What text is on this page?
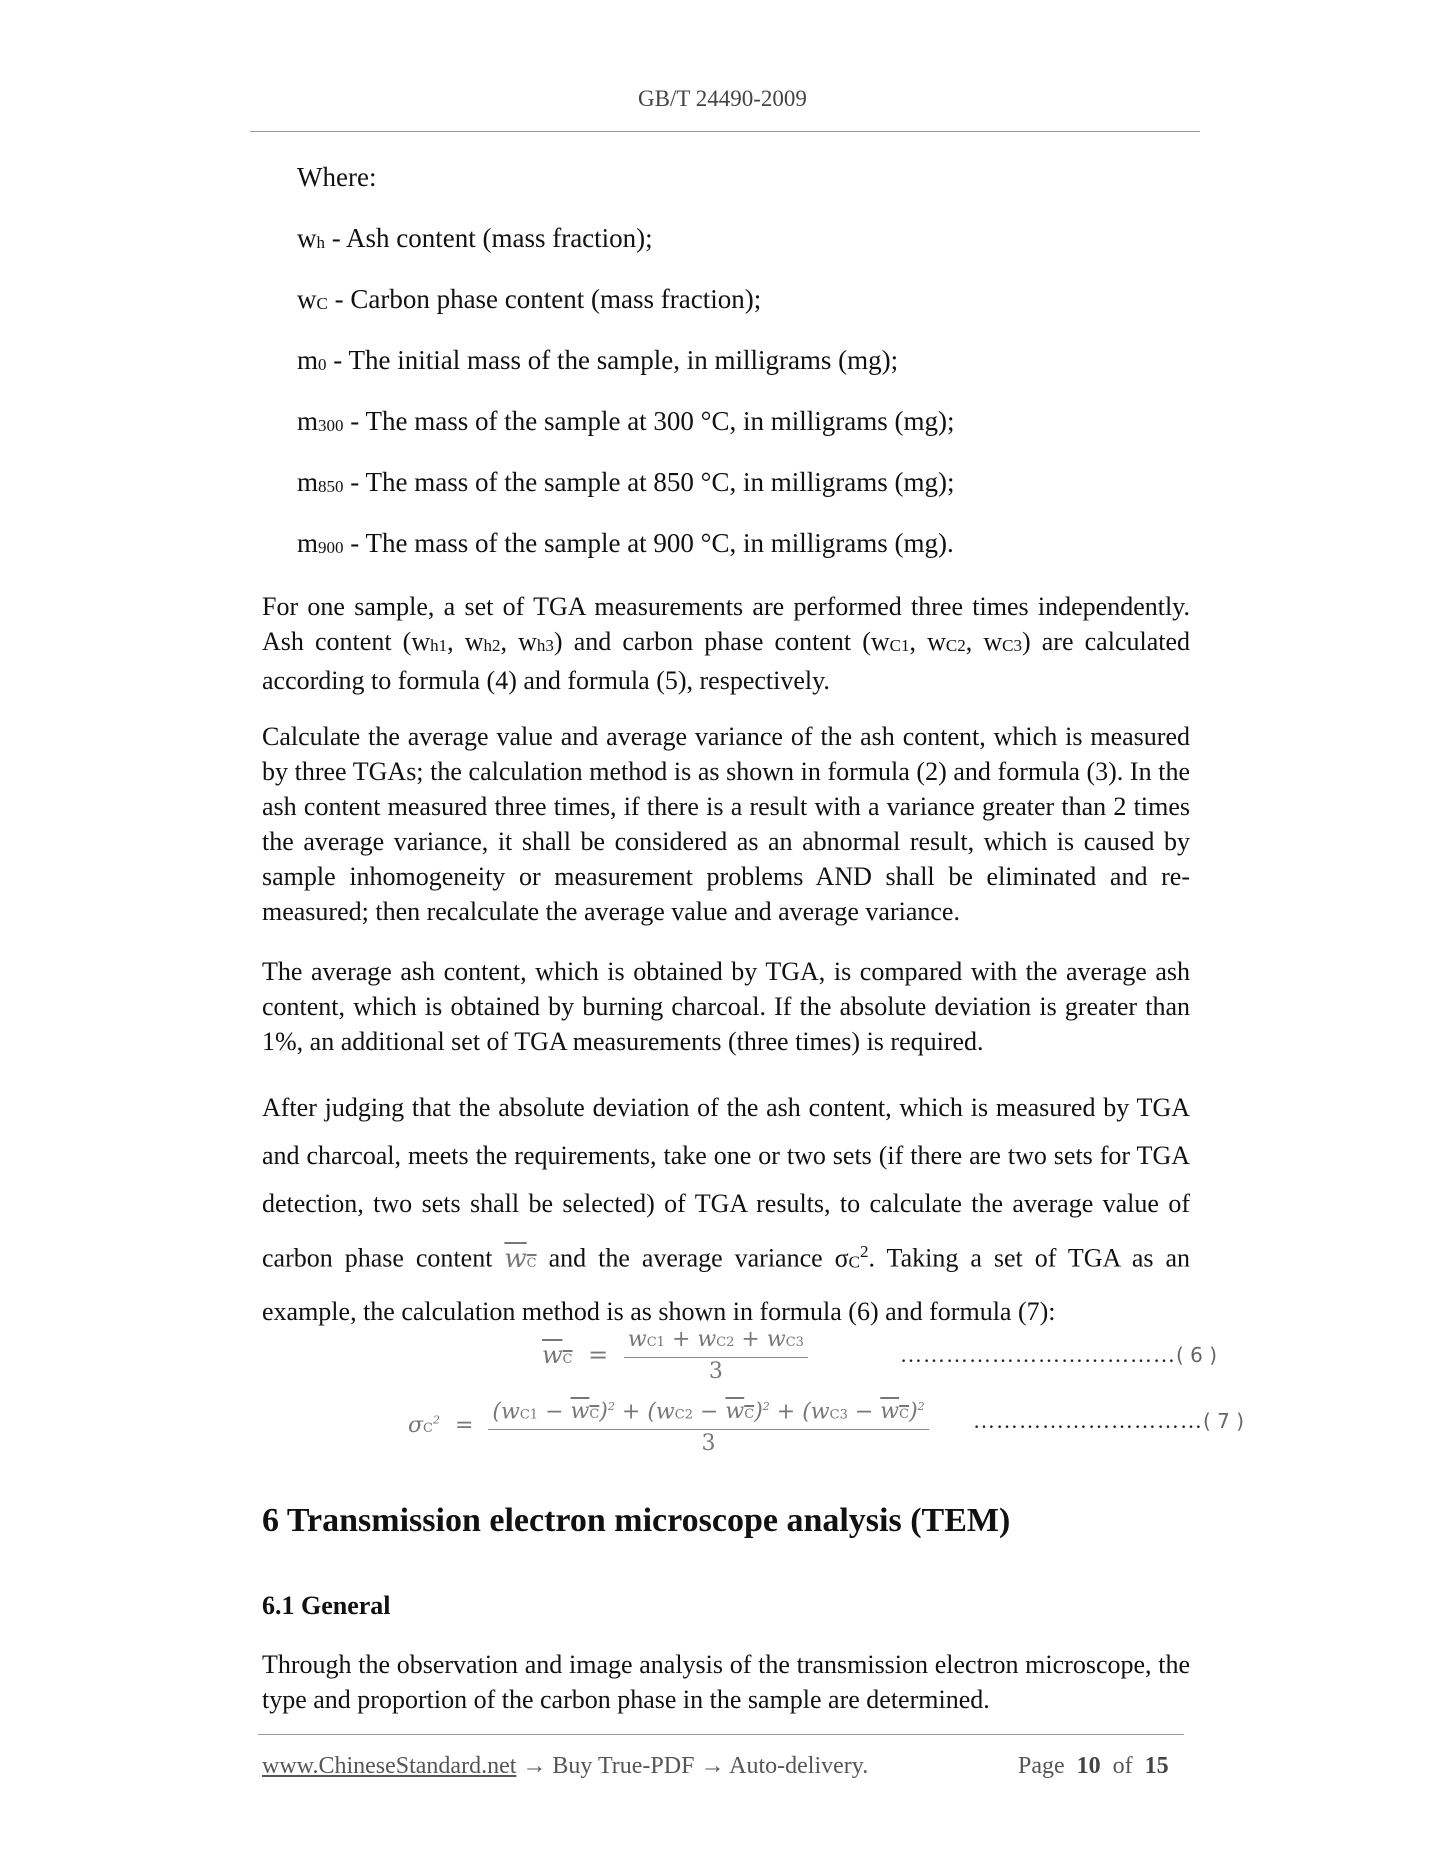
GB/T 24490-2009
Where:
$w_h$ - Ash content (mass fraction);
$w_C$ - Carbon phase content (mass fraction);
$m_0$ - The initial mass of the sample, in milligrams (mg);
$m_{300}$ - The mass of the sample at 300 °C, in milligrams (mg);
$m_{850}$ - The mass of the sample at 850 °C, in milligrams (mg);
$m_{900}$ - The mass of the sample at 900 °C, in milligrams (mg).
For one sample, a set of TGA measurements are performed three times independently. Ash content ($w_{h1}$, $w_{h2}$, $w_{h3}$) and carbon phase content ($w_{C1}$, $w_{C2}$, $w_{C3}$) are calculated according to formula (4) and formula (5), respectively.
Calculate the average value and average variance of the ash content, which is measured by three TGAs; the calculation method is as shown in formula (2) and formula (3). In the ash content measured three times, if there is a result with a variance greater than 2 times the average variance, it shall be considered as an abnormal result, which is caused by sample inhomogeneity or measurement problems AND shall be eliminated and re-measured; then recalculate the average value and average variance.
The average ash content, which is obtained by TGA, is compared with the average ash content, which is obtained by burning charcoal. If the absolute deviation is greater than 1%, an additional set of TGA measurements (three times) is required.
After judging that the absolute deviation of the ash content, which is measured by TGA and charcoal, meets the requirements, take one or two sets (if there are two sets for TGA detection, two sets shall be selected) of TGA results, to calculate the average value of carbon phase content wC and the average variance $\sigma_C^2$. Taking a set of TGA as an example, the calculation method is as shown in formula (6) and formula (7):
wC = $\frac{wC1 + wC2 + wC3}{3}$	………………………………( 6 )
$\sigma C^2 = \frac{(wC1 - wC)^2 + (wC2 - wC)^2 + (wC3 - wC)^2}{3}$ …………………………( 7 )
6 Transmission electron microscope analysis (TEM)
6.1 General
Through the observation and image analysis of the transmission electron microscope, the type and proportion of the carbon phase in the sample are determined.
www.ChineseStandard.net → Buy True-PDF → Auto-delivery.	Page 10 of 15
